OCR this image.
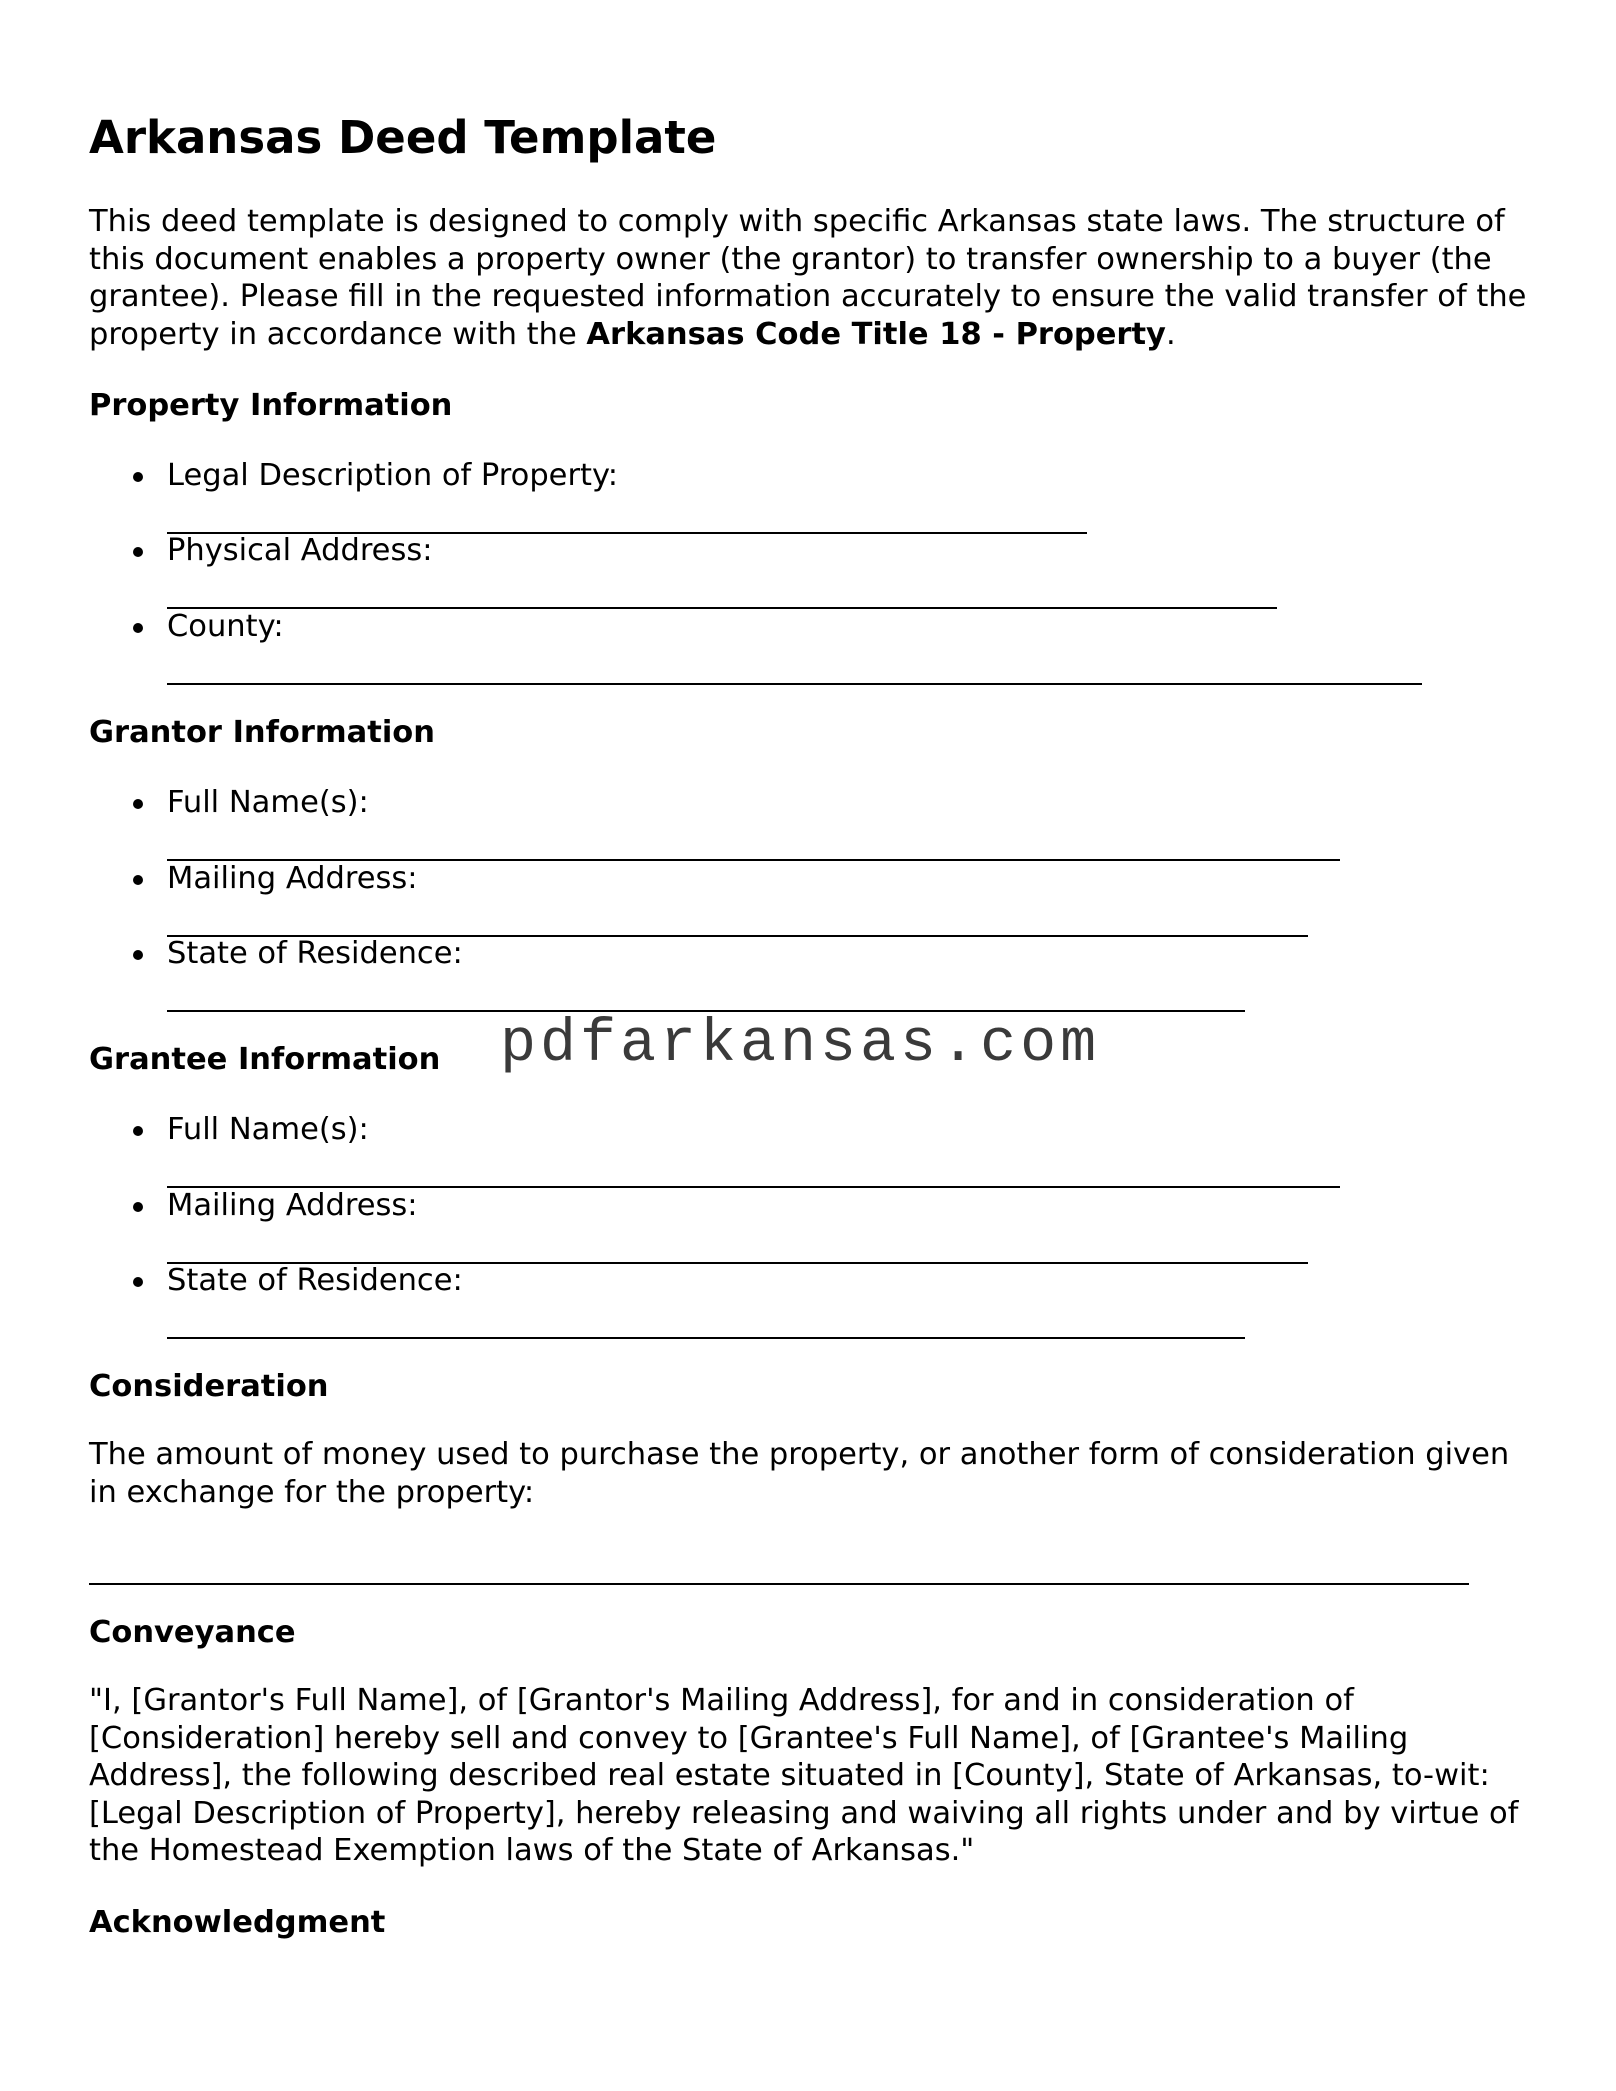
Arkansas Deed Template

This deed template is designed to comply with specific Arkansas state laws. The structure of this document enables a property owner (the grantor) to transfer ownership to a buyer (the grantee). Please fill in the requested information accurately to ensure the valid transfer of the property in accordance with the Arkansas Code Title 18 - Property.

Property Information
Legal Description of Property:
Physical Address:
County:
Grantor Information
Full Name(s):
Mailing Address:
State of Residence:
Grantee Information
Full Name(s):
Mailing Address:
State of Residence:
Consideration

The amount of money used to purchase the property, or another form of consideration given in exchange for the property:

Conveyance

"I, [Grantor's Full Name], of [Grantor's Mailing Address], for and in consideration of [Consideration] hereby sell and convey to [Grantee's Full Name], of [Grantee's Mailing Address], the following described real estate situated in [County], State of Arkansas, to-wit: [Legal Description of Property], hereby releasing and waiving all rights under and by virtue of the Homestead Exemption laws of the State of Arkansas."

Acknowledgment
pdfarkansas.com
